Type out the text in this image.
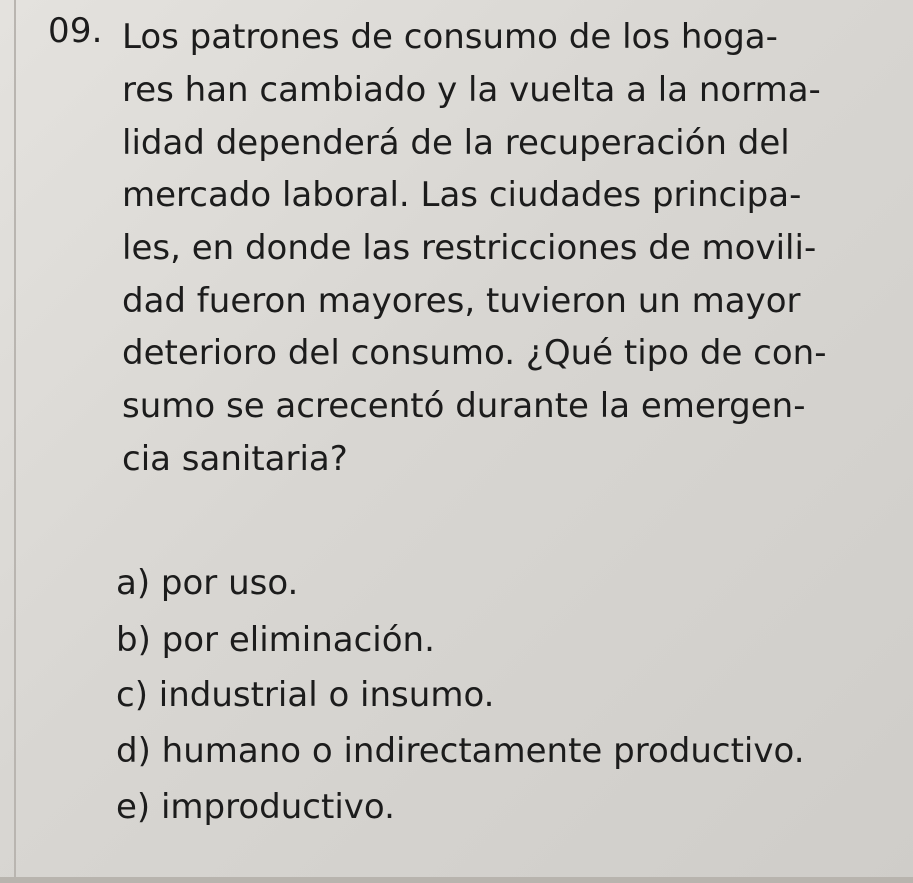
09. Los patrones de consumo de los hoga-
res han cambiado y la vuelta a la norma-
lidad dependerá de la recuperación del
mercado laboral. Las ciudades principa-
les, en donde las restricciones de movili-
dad fueron mayores, tuvieron un mayor
deterioro del consumo. ¿Qué tipo de con-
sumo se acrecentó durante la emergen-
cia sanitaria?
a) por uso.
b) por eliminación.
c) industrial o insumo.
d) humano o indirectamente productivo.
e) improductivo.
